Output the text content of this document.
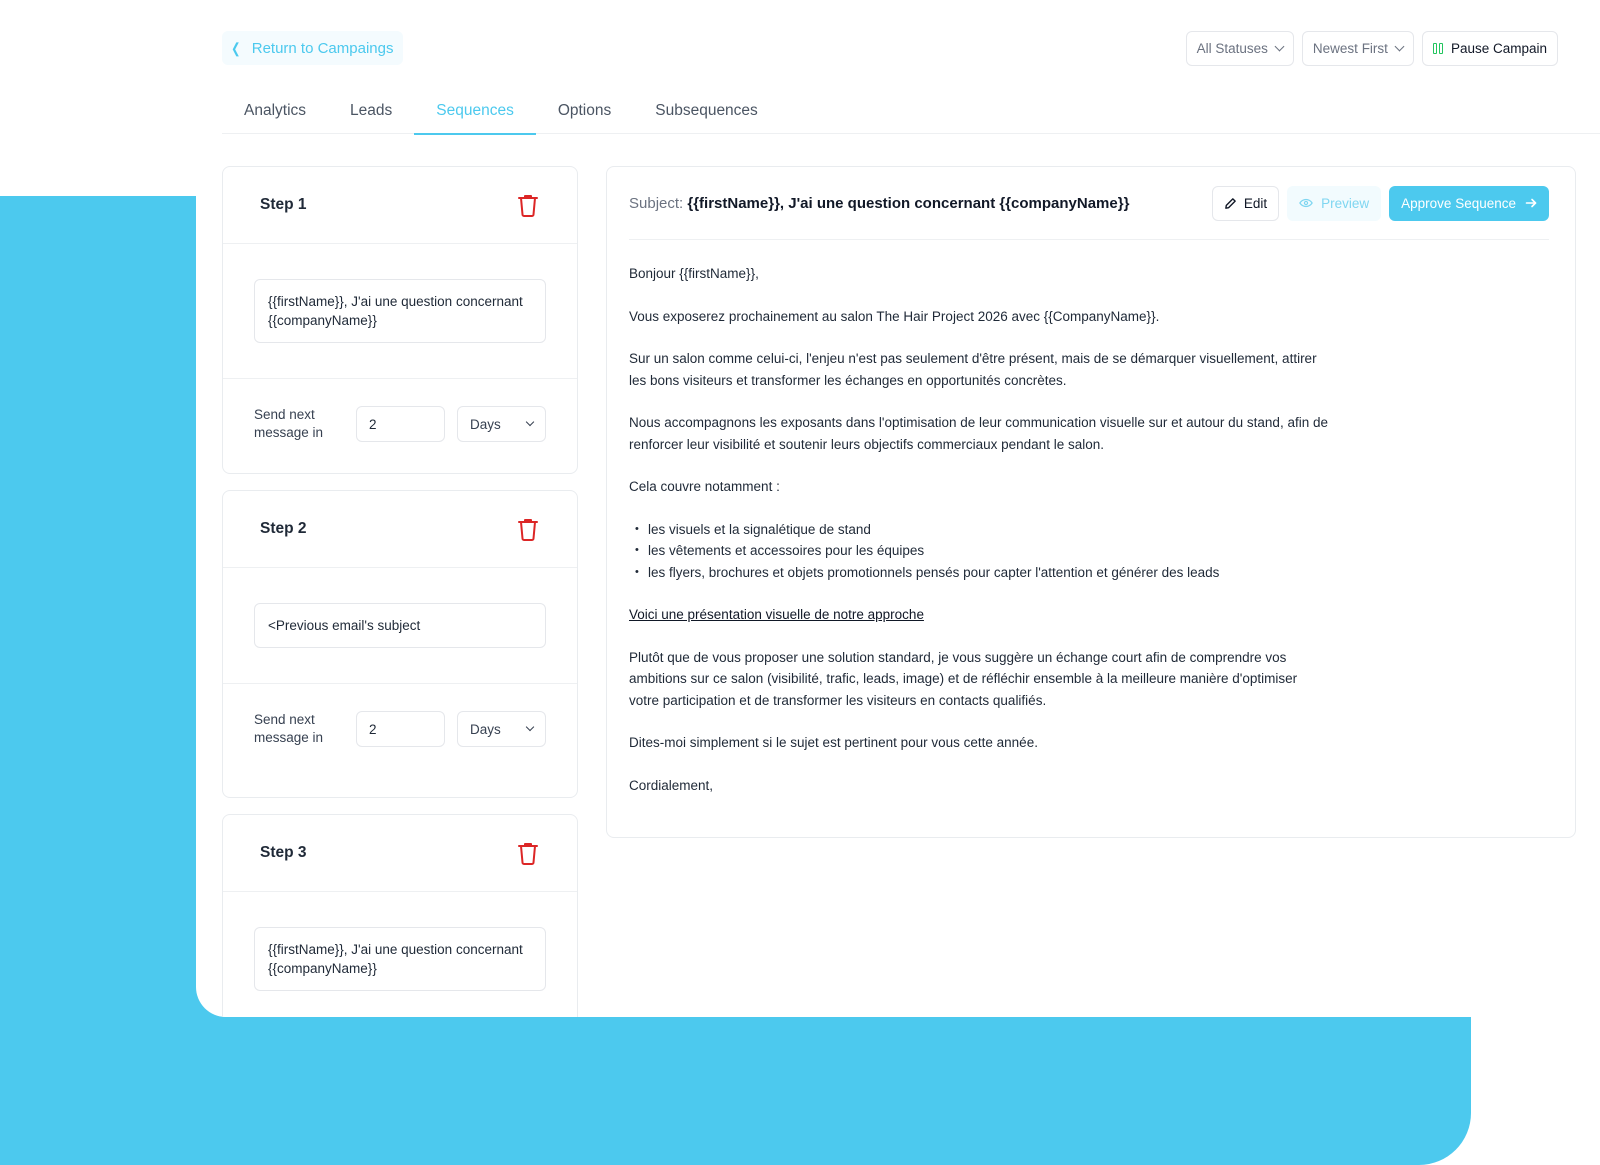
❮ Return to Campaings	All Statuses	Newest First	Pause Campain
Analytics	Leads	Sequences	Options	Subsequences
Step 1
{{firstName}}, J'ai une question concernant {{companyName}}
Send next message in
2	Days
Step 2
<Previous email's subject
Send next message in
2	Days
Step 3
{{firstName}}, J'ai une question concernant {{companyName}}
Subject: {{firstName}}, J'ai une question concernant {{companyName}}	Edit	Preview Approve Sequence

Bonjour {{firstName}},

Vous exposerez prochainement au salon The Hair Project 2026 avec {{CompanyName}}.

Sur un salon comme celui-ci, l'enjeu n'est pas seulement d'être présent, mais de se démarquer visuellement, attirer les bons visiteurs et transformer les échanges en opportunités concrètes.

Nous accompagnons les exposants dans l'optimisation de leur communication visuelle sur et autour du stand, afin de renforcer leur visibilité et soutenir leurs objectifs commerciaux pendant le salon.

Cela couvre notamment :

• les visuels et la signalétique de stand
• les vêtements et accessoires pour les équipes
• les flyers, brochures et objets promotionnels pensés pour capter l'attention et générer des leads

Voici une présentation visuelle de notre approche

Plutôt que de vous proposer une solution standard, je vous suggère un échange court afin de comprendre vos ambitions sur ce salon (visibilité, trafic, leads, image) et de réfléchir ensemble à la meilleure manière d'optimiser votre participation et de transformer les visiteurs en contacts qualifiés.

Dites-moi simplement si le sujet est pertinent pour vous cette année.

Cordialement,
